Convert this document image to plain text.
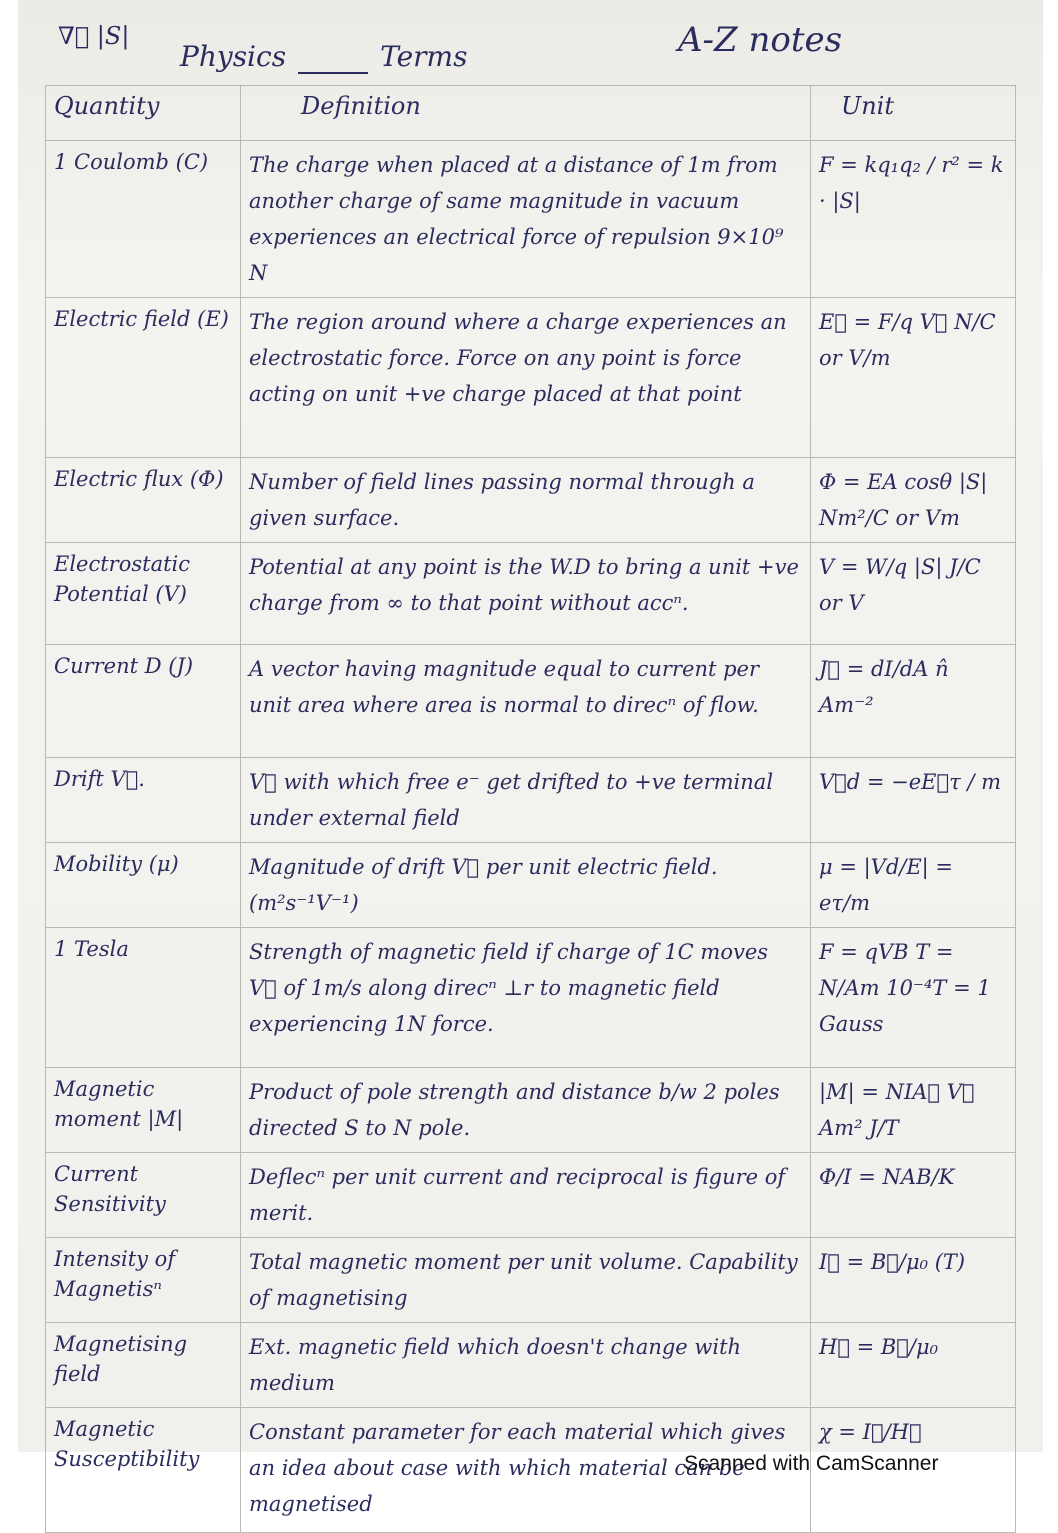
∇⃗ |S|
Physics	Terms	A-Z notes
Quantity	Definition	Unit
1 Coulomb (C)	The charge when placed at a distance of 1m from another charge of same magnitude in vacuum experiences an electrical force of repulsion 9×10⁹ N	F = kq₁q₂ / r² = k · |S|
Electric field (E)	The region around where a charge experiences an electrostatic force. Force on any point is force acting on unit +ve charge placed at that point	E⃗ = F/q V⃗ N/C or V/m
Electric flux (Φ)	Number of field lines passing normal through a given surface.	Φ = EA cosθ |S| Nm²/C or Vm
Electrostatic Potential (V)	Potential at any point is the W.D to bring a unit +ve charge from ∞ to that point without accⁿ.	V = W/q |S| J/C or V
Current D (J)	A vector having magnitude equal to current per unit area where area is normal to direcⁿ of flow.	J⃗ = dI/dA n̂ Am⁻²
Drift V⃗.	V⃗ with which free e⁻ get drifted to +ve terminal under external field	V⃗d = −eE⃗τ / m
Mobility (μ)	Magnitude of drift V⃗ per unit electric field. (m²s⁻¹V⁻¹)	μ = |Vd/E| = eτ/m
1 Tesla	Strength of magnetic field if charge of 1C moves V⃗ of 1m/s along direcⁿ ⊥r to magnetic field experiencing 1N force.	F = qVB T = N/Am 10⁻⁴T = 1 Gauss
Magnetic moment |M|	Product of pole strength and distance b/w 2 poles directed S to N pole.	|M| = NIA⃗ V⃗ Am² J/T
Current Sensitivity	Deflecⁿ per unit current and reciprocal is figure of merit.	Φ/I = NAB/K
Intensity of Magnetisⁿ	Total magnetic moment per unit volume. Capability of magnetising	I⃗ = B⃗/μ₀ (T)
Magnetising field	Ext. magnetic field which doesn't change with medium	H⃗ = B⃗/μ₀
Magnetic Susceptibility	Constant parameter for each material which gives an idea about case with which material can be magnetised	χ = I⃗/H⃗
Scanned with CamScanner
